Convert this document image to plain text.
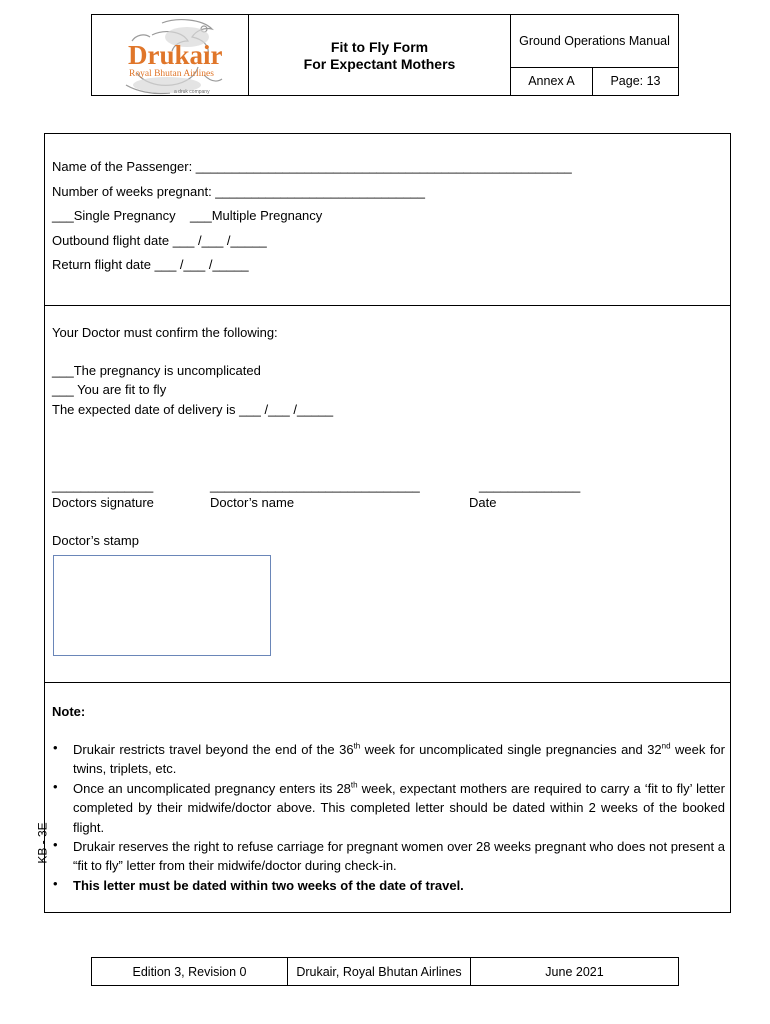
Drukair
Royal Bhutan Airlines
a druk company
Fit to Fly Form
For Expectant Mothers
Ground Operations Manual
Annex A	Page: 13
Name of the Passenger: ____________________________________________________
Number of weeks pregnant: _____________________________
___Single Pregnancy    ___Multiple Pregnancy
Outbound flight date ___ /___ /_____
Return flight date ___ /___ /_____
Your Doctor must confirm the following:
___The pregnancy is uncomplicated
___ You are fit to fly
The expected date of delivery is ___ /___ /_____
______________	_____________________________	______________
Doctors signature	Doctor’s name	Date
Doctor’s stamp
Note:
• Drukair restricts travel beyond the end of the 36th week for uncomplicated single pregnancies and 32nd week for twins, triplets, etc.
• Once an uncomplicated pregnancy enters its 28th week, expectant mothers are required to carry a ‘fit to fly’ letter completed by their midwife/doctor above. This completed letter should be dated within 2 weeks of the booked flight.
• Drukair reserves the right to refuse carriage for pregnant women over 28 weeks pregnant who does not present a “fit to fly” letter from their midwife/doctor during check-in.
• This letter must be dated within two weeks of the date of travel.
KB - 3E
Edition 3, Revision 0	Drukair, Royal Bhutan Airlines	June 2021
